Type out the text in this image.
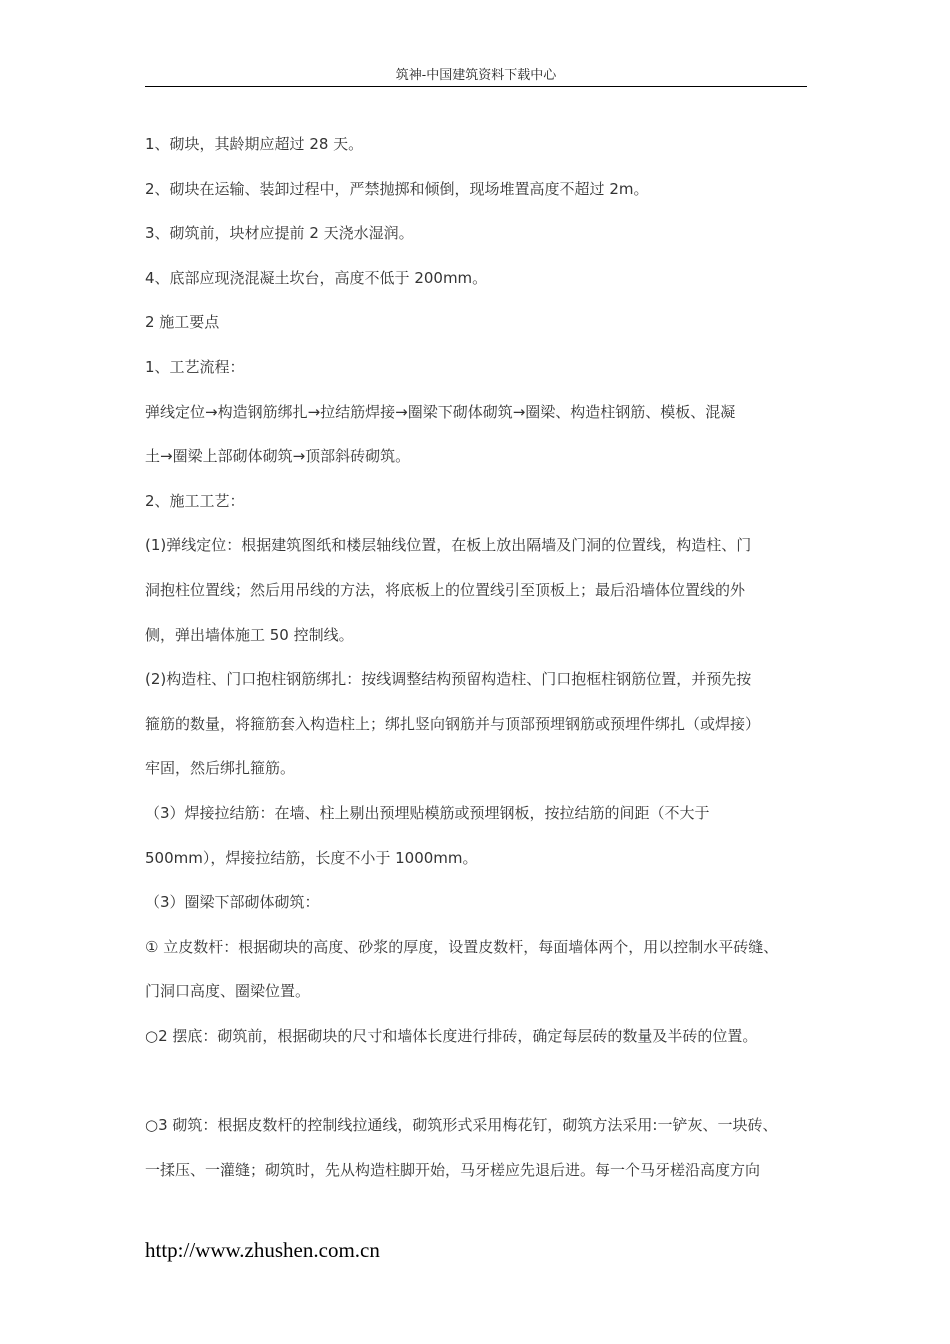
筑神-中国建筑资料下载中心

1、砌块，其龄期应超过 28 天。

2、砌块在运输、装卸过程中，严禁抛掷和倾倒，现场堆置高度不超过 2m。

3、砌筑前，块材应提前 2 天浇水湿润。

4、底部应现浇混凝土坎台，高度不低于 200mm。

2 施工要点

1、工艺流程：

弹线定位→构造钢筋绑扎→拉结筋焊接→圈梁下砌体砌筑→圈梁、构造柱钢筋、模板、混凝

土→圈梁上部砌体砌筑→顶部斜砖砌筑。

2、施工工艺：

(1)弹线定位：根据建筑图纸和楼层轴线位置，在板上放出隔墙及门洞的位置线，构造柱、门

洞抱柱位置线；然后用吊线的方法，将底板上的位置线引至顶板上；最后沿墙体位置线的外

侧，弹出墙体施工 50 控制线。

(2)构造柱、门口抱柱钢筋绑扎：按线调整结构预留构造柱、门口抱框柱钢筋位置，并预先按

箍筋的数量，将箍筋套入构造柱上；绑扎竖向钢筋并与顶部预埋钢筋或预埋件绑扎（或焊接）

牢固，然后绑扎箍筋。

（3）焊接拉结筋：在墙、柱上剔出预埋贴模筋或预埋钢板，按拉结筋的间距（不大于

500mm），焊接拉结筋，长度不小于 1000mm。

（3）圈梁下部砌体砌筑：

① 立皮数杆：根据砌块的高度、砂浆的厚度，设置皮数杆，每面墙体两个，用以控制水平砖缝、

门洞口高度、圈梁位置。

○2 摆底：砌筑前，根据砌块的尺寸和墙体长度进行排砖，确定每层砖的数量及半砖的位置。

○3 砌筑：根据皮数杆的控制线拉通线，砌筑形式采用梅花钉，砌筑方法采用:一铲灰、一块砖、

一揉压、一灌缝；砌筑时，先从构造柱脚开始，马牙槎应先退后进。每一个马牙槎沿高度方向

http://www.zhushen.com.cn
